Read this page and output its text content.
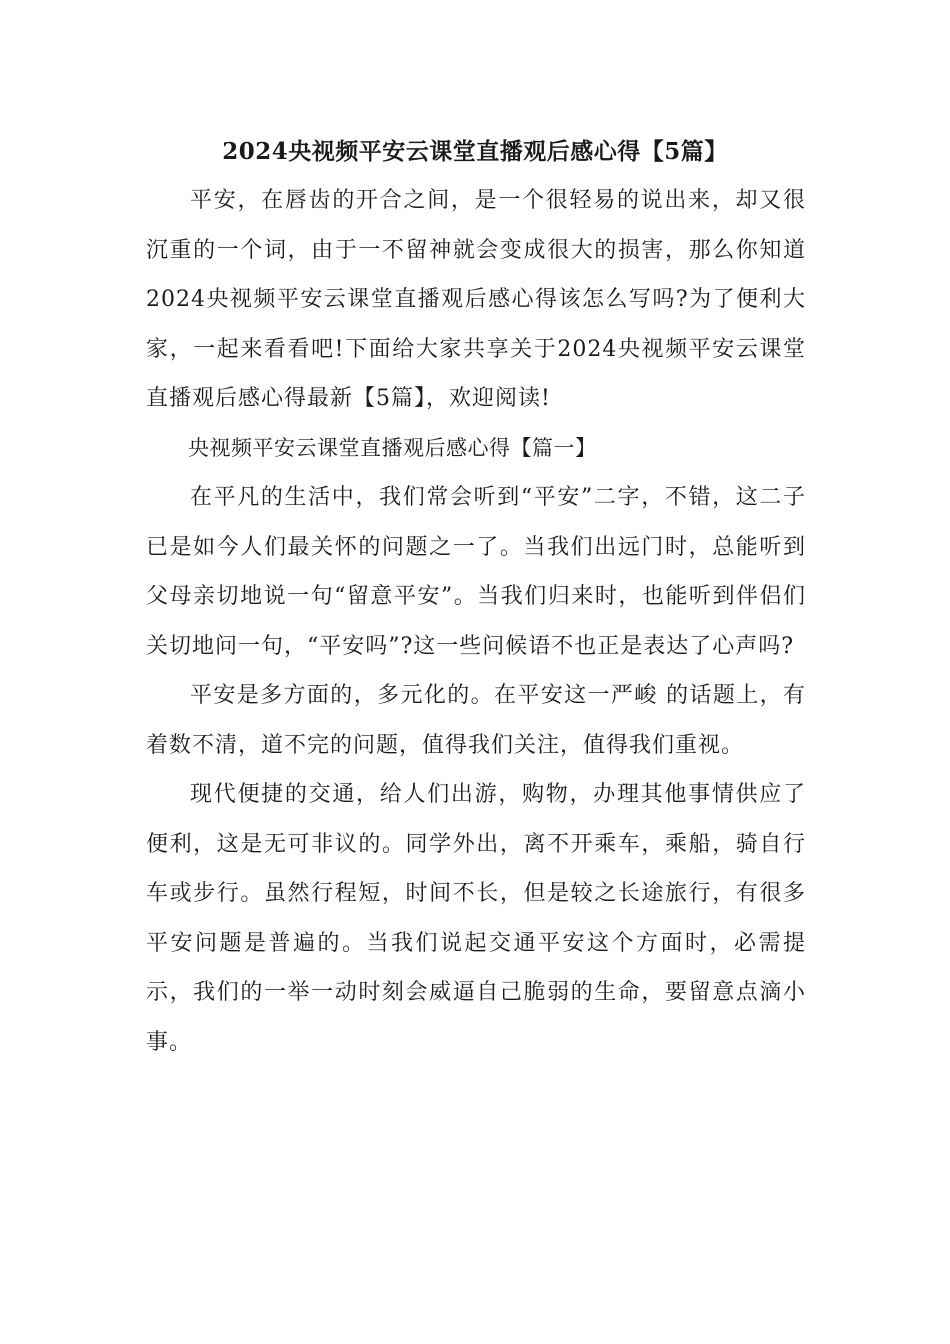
2024央视频平安云课堂直播观后感心得【5篇】

平安，在唇齿的开合之间，是一个很轻易的说出来，却又很沉重的一个词，由于一不留神就会变成很大的损害，那么你知道2024央视频平安云课堂直播观后感心得该怎么写吗?为了便利大家，一起来看看吧!下面给大家共享关于2024央视频平安云课堂直播观后感心得最新【5篇】，欢迎阅读!

央视频平安云课堂直播观后感心得【篇一】

在平凡的生活中，我们常会听到“平安”二字，不错，这二子已是如今人们最关怀的问题之一了。当我们出远门时，总能听到父母亲切地说一句“留意平安”。当我们归来时，也能听到伴侣们关切地问一句，“平安吗”?这一些问候语不也正是表达了心声吗?

平安是多方面的，多元化的。在平安这一严峻 的话题上，有着数不清，道不完的问题，值得我们关注，值得我们重视。

现代便捷的交通，给人们出游，购物，办理其他事情供应了便利，这是无可非议的。同学外出，离不开乘车，乘船，骑自行车或步行。虽然行程短，时间不长，但是较之长途旅行，有很多平安问题是普遍的。当我们说起交通平安这个方面时，必需提示，我们的一举一动时刻会威逼自己脆弱的生命，要留意点滴小事。
